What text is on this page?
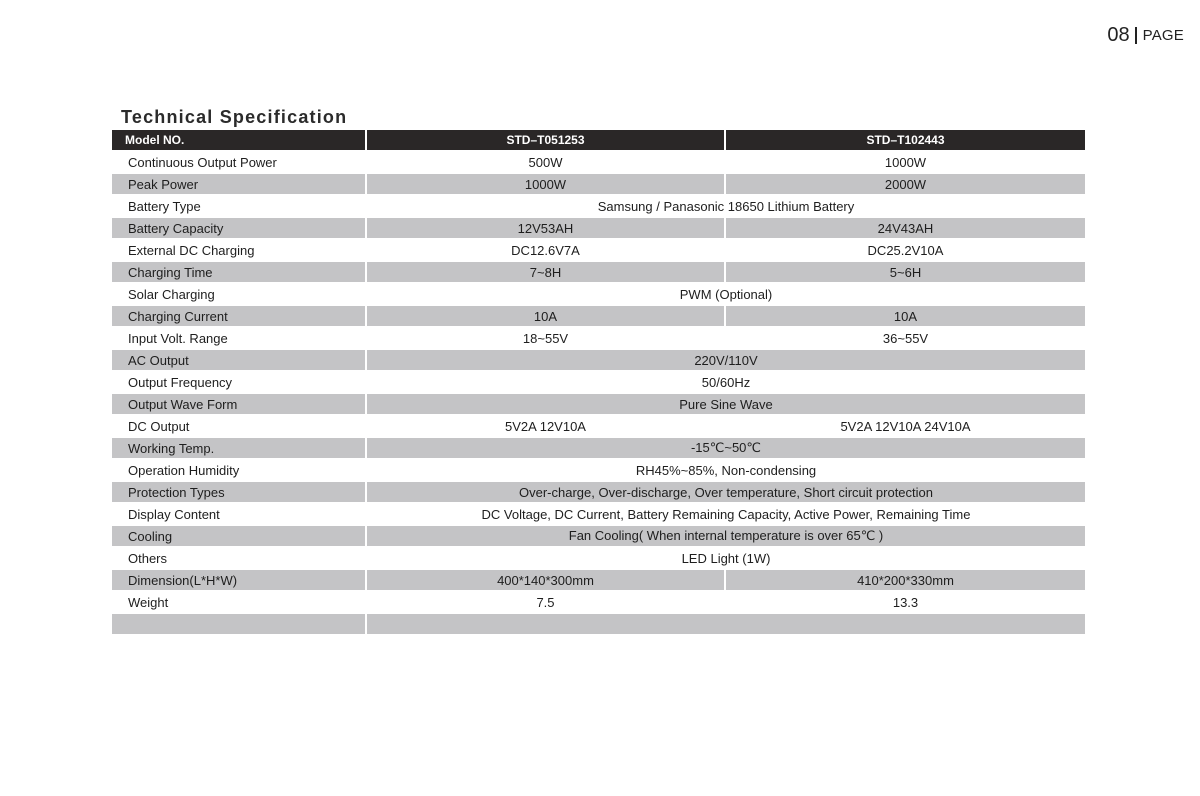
08 PAGE
Technical Specification
Model NO.	STD–T051253	STD–T102443
Continuous Output Power	500W	1000W
Peak Power	1000W	2000W
Battery Type	Samsung / Panasonic 18650 Lithium Battery
Battery Capacity	12V53AH	24V43AH
External DC Charging	DC12.6V7A	DC25.2V10A
Charging Time	7~8H	5~6H
Solar Charging	PWM (Optional)
Charging Current	10A	10A
Input Volt. Range	18~55V	36~55V
AC Output	220V/110V
Output Frequency	50/60Hz
Output Wave Form	Pure Sine Wave
DC Output	5V2A 12V10A	5V2A 12V10A 24V10A
Working Temp.	-15℃~50℃
Operation Humidity	RH45%~85%, Non-condensing
Protection Types	Over-charge, Over-discharge, Over temperature, Short circuit protection
Display Content	DC Voltage, DC Current, Battery Remaining Capacity, Active Power, Remaining Time
Cooling	Fan Cooling( When internal temperature is over 65℃ )
Others	LED Light (1W)
Dimension(L*H*W)	400*140*300mm	410*200*330mm
Weight	7.5	13.3
